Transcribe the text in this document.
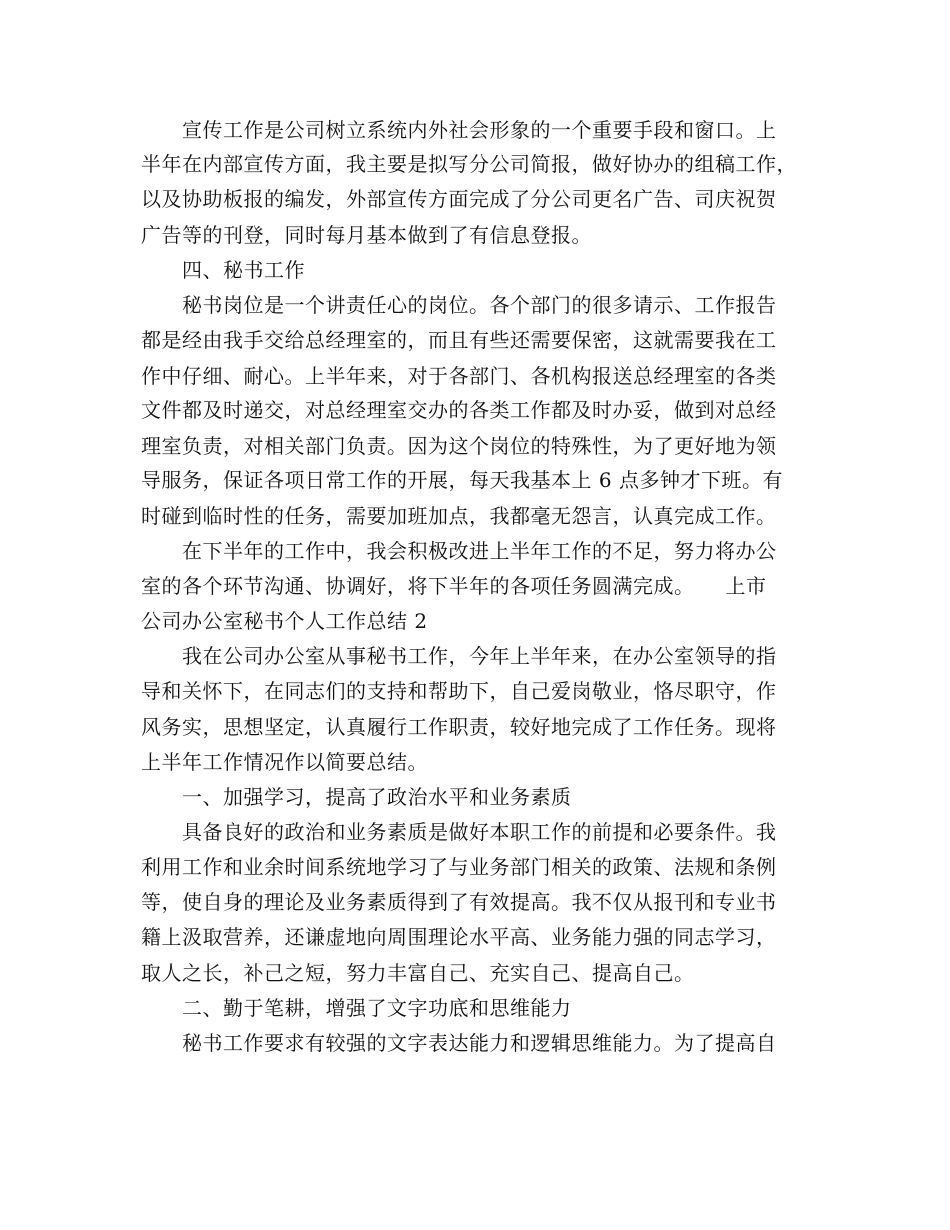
宣传工作是公司树立系统内外社会形象的一个重要手段和窗口。上
半年在内部宣传方面，我主要是拟写分公司简报，做好协办的组稿工作，
以及协助板报的编发，外部宣传方面完成了分公司更名广告、司庆祝贺
广告等的刊登，同时每月基本做到了有信息登报。
四、秘书工作
秘书岗位是一个讲责任心的岗位。各个部门的很多请示、工作报告
都是经由我手交给总经理室的，而且有些还需要保密，这就需要我在工
作中仔细、耐心。上半年来，对于各部门、各机构报送总经理室的各类
文件都及时递交，对总经理室交办的各类工作都及时办妥，做到对总经
理室负责，对相关部门负责。因为这个岗位的特殊性，为了更好地为领
导服务，保证各项日常工作的开展，每天我基本上 6 点多钟才下班。有
时碰到临时性的任务，需要加班加点，我都毫无怨言，认真完成工作。
在下半年的工作中，我会积极改进上半年工作的不足，努力将办公
室的各个环节沟通、协调好，将下半年的各项任务圆满完成。　　上市
公司办公室秘书个人工作总结 2
我在公司办公室从事秘书工作，今年上半年来，在办公室领导的指
导和关怀下，在同志们的支持和帮助下，自己爱岗敬业，恪尽职守，作
风务实，思想坚定，认真履行工作职责，较好地完成了工作任务。现将
上半年工作情况作以简要总结。
一、加强学习，提高了政治水平和业务素质
具备良好的政治和业务素质是做好本职工作的前提和必要条件。我
利用工作和业余时间系统地学习了与业务部门相关的政策、法规和条例
等，使自身的理论及业务素质得到了有效提高。我不仅从报刊和专业书
籍上汲取营养，还谦虚地向周围理论水平高、业务能力强的同志学习，
取人之长，补己之短，努力丰富自己、充实自己、提高自己。
二、勤于笔耕，增强了文字功底和思维能力
秘书工作要求有较强的文字表达能力和逻辑思维能力。为了提高自
